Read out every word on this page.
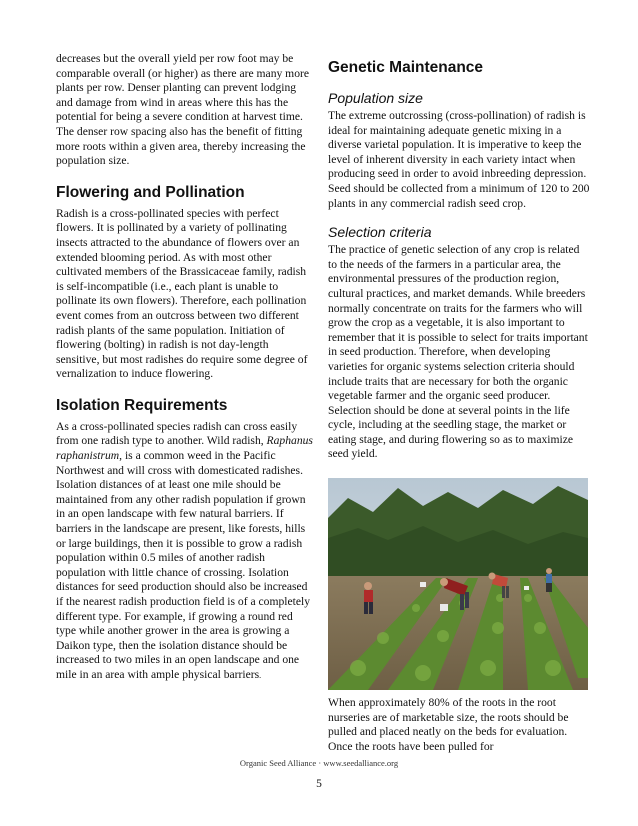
decreases but the overall yield per row foot may be comparable overall (or higher) as there are many more plants per row. Denser planting can prevent lodging and damage from wind in areas where this has the potential for being a severe condition at harvest time. The denser row spacing also has the benefit of fitting more roots within a given area, thereby increasing the population size.

Flowering and Pollination

Radish is a cross-pollinated species with perfect flowers. It is pollinated by a variety of pollinating insects attracted to the abundance of flowers over an extended blooming period. As with most other cultivated members of the Brassicaceae family, radish is self-incompatible (i.e., each plant is unable to pollinate its own flowers). Therefore, each pollination event comes from an outcross between two different radish plants of the same population. Initiation of flowering (bolting) in radish is not day-length sensitive, but most radishes do require some degree of vernalization to induce flowering.

Isolation Requirements

As a cross-pollinated species radish can cross easily from one radish type to another. Wild radish, Raphanus raphanistrum, is a common weed in the Pacific Northwest and will cross with domesticated radishes. Isolation distances of at least one mile should be maintained from any other radish population if grown in an open landscape with few natural barriers. If barriers in the landscape are present, like forests, hills or large buildings, then it is possible to grow a radish population within 0.5 miles of another radish population with little chance of crossing. Isolation distances for seed production should also be increased if the nearest radish production field is of a completely different type. For example, if growing a round red type while another grower in the area is growing a Daikon type, then the isolation distance should be increased to two miles in an open landscape and one mile in an area with ample physical barriers.

Genetic Maintenance
Population size

The extreme outcrossing (cross-pollination) of radish is ideal for maintaining adequate genetic mixing in a diverse varietal population. It is imperative to keep the level of inherent diversity in each variety intact when producing seed in order to avoid inbreeding depression. Seed should be collected from a minimum of 120 to 200 plants in any commercial radish seed crop.

Selection criteria

The practice of genetic selection of any crop is related to the needs of the farmers in a particular area, the environmental pressures of the production region, cultural practices, and market demands. While breeders normally concentrate on traits for the farmers who will grow the crop as a vegetable, it is also important to remember that it is possible to select for traits important in seed production. Therefore, when developing varieties for organic systems selection criteria should include traits that are necessary for both the organic vegetable farmer and the organic seed producer. Selection should be done at several points in the life cycle, including at the seedling stage, the market or eating stage, and during flowering so as to maximize seed yield.

When approximately 80% of the roots in the root nurseries are of marketable size, the roots should be pulled and placed neatly on the beds for evaluation. Once the roots have been pulled for

Organic Seed Alliance · www.seedalliance.org
5
